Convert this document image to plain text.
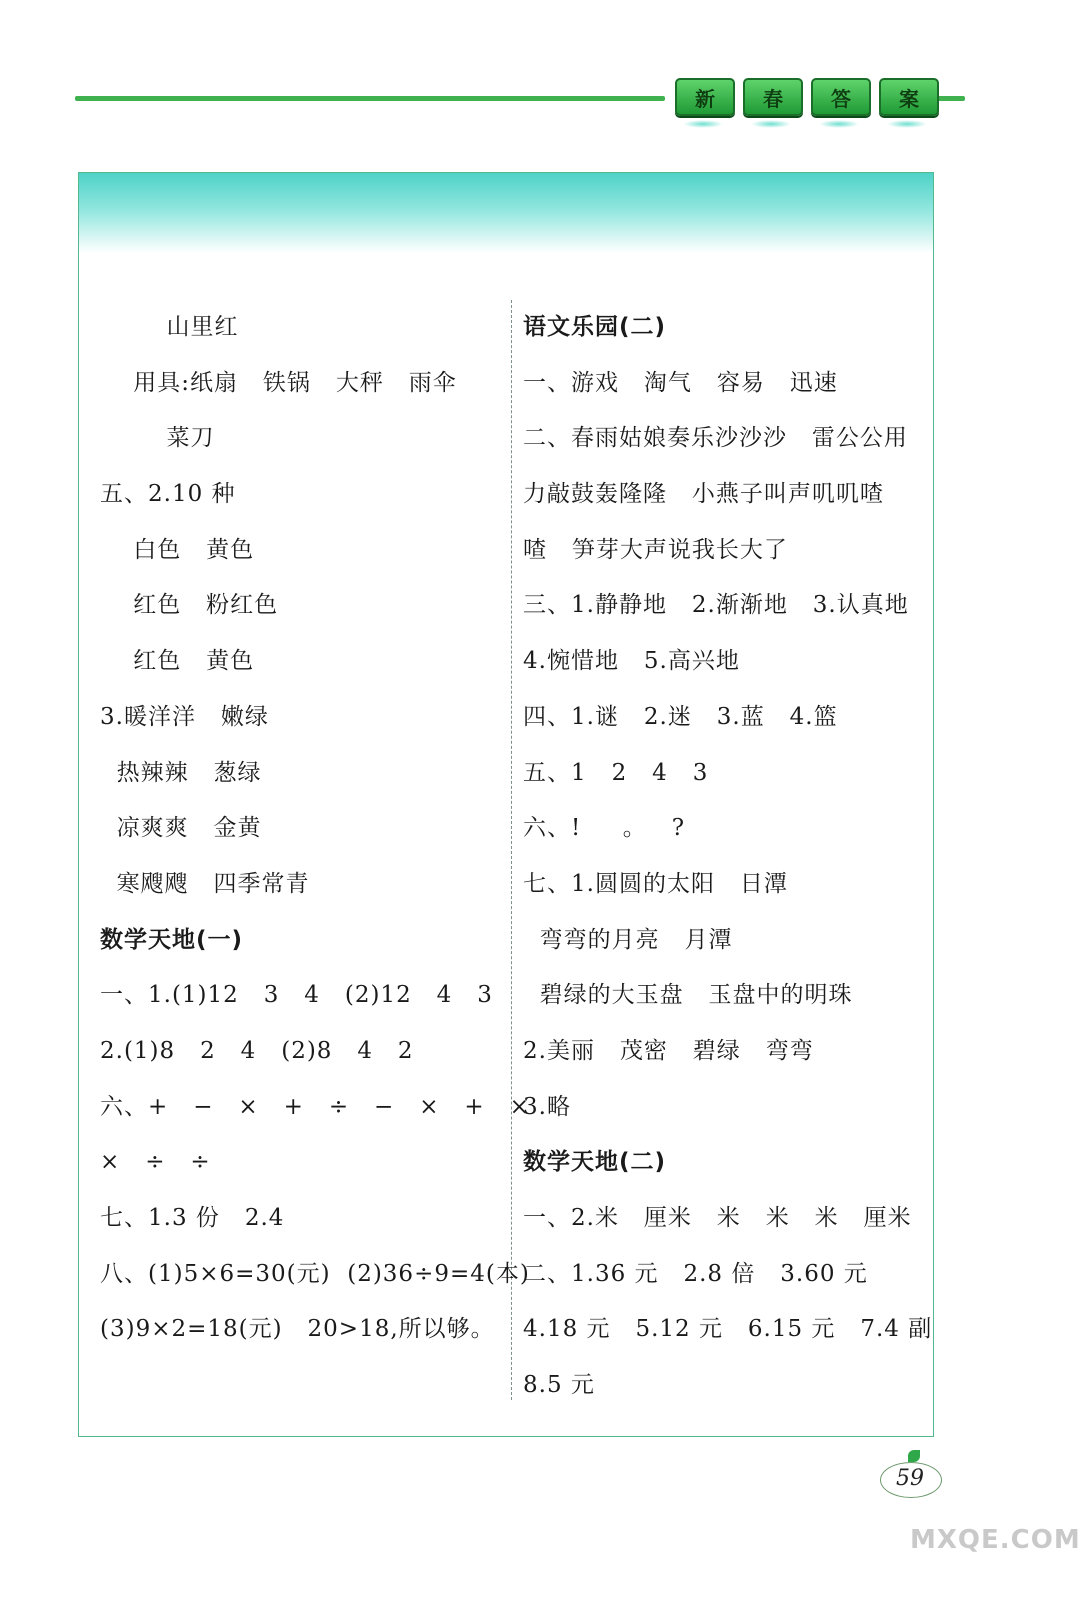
新	春	答	案
山里红
用具:纸扇   铁锅   大秤   雨伞
菜刀
五、2.10 种
白色   黄色
红色   粉红色
红色   黄色
3.暖洋洋   嫩绿
热辣辣   葱绿
凉爽爽   金黄
寒飕飕   四季常青
数学天地(一)
一、1.(1)12   3   4   (2)12   4   3
2.(1)8   2   4   (2)8   4   2
六、+   −   ×   +   ÷   −   ×   +   ×
×   ÷   ÷
七、1.3 份   2.4
八、(1)5×6=30(元)  (2)36÷9=4(本)
(3)9×2=18(元)   20>18,所以够。
语文乐园(二)
一、游戏   淘气   容易   迅速
二、春雨姑娘奏乐沙沙沙   雷公公用
力敲鼓轰隆隆   小燕子叫声叽叽喳
喳   笋芽大声说我长大了
三、1.静静地   2.渐渐地   3.认真地
4.惋惜地   5.高兴地
四、1.谜   2.迷   3.蓝   4.篮
五、1   2   4   3
六、!     。   ?
七、1.圆圆的太阳   日潭
弯弯的月亮   月潭
碧绿的大玉盘   玉盘中的明珠
2.美丽   茂密   碧绿   弯弯
3.略
数学天地(二)
一、2.米   厘米   米   米   米   厘米
二、1.36 元   2.8 倍   3.60 元
4.18 元   5.12 元   6.15 元   7.4 副
8.5 元
59
MXQE.COM
